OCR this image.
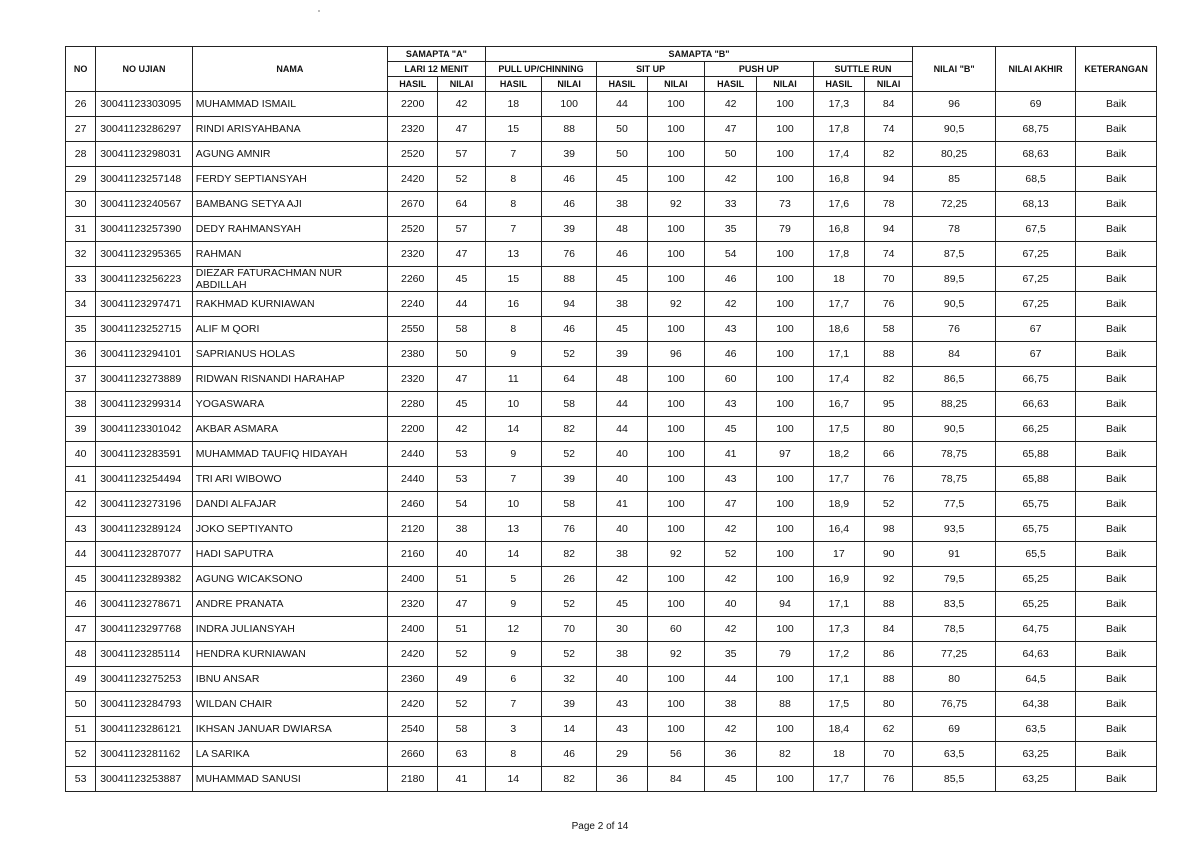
NO	NO UJIAN	NAMA	SAMAPTA "A"		SAMAPTA "B"								NILAI "B"	NILAI AKHIR	KETERANGAN
			LARI 12 MENIT		PULL UP/CHINNING		SIT UP		PUSH UP		SUTTLE RUN				
			HASIL	NILAI	HASIL	NILAI	HASIL	NILAI	HASIL	NILAI	HASIL	NILAI			
26	30041123303095	MUHAMMAD ISMAIL	2200	42	18	100	44	100	42	100	17,3	84	96	69	Baik
27	30041123286297	RINDI ARISYAHBANA	2320	47	15	88	50	100	47	100	17,8	74	90,5	68,75	Baik
28	30041123298031	AGUNG AMNIR	2520	57	7	39	50	100	50	100	17,4	82	80,25	68,63	Baik
29	30041123257148	FERDY SEPTIANSYAH	2420	52	8	46	45	100	42	100	16,8	94	85	68,5	Baik
30	30041123240567	BAMBANG SETYA AJI	2670	64	8	46	38	92	33	73	17,6	78	72,25	68,13	Baik
31	30041123257390	DEDY RAHMANSYAH	2520	57	7	39	48	100	35	79	16,8	94	78	67,5	Baik
32	30041123295365	RAHMAN	2320	47	13	76	46	100	54	100	17,8	74	87,5	67,25	Baik
33	30041123256223	DIEZAR FATURACHMAN NUR ABDILLAH	2260	45	15	88	45	100	46	100	18	70	89,5	67,25	Baik
34	30041123297471	RAKHMAD KURNIAWAN	2240	44	16	94	38	92	42	100	17,7	76	90,5	67,25	Baik
35	30041123252715	ALIF M QORI	2550	58	8	46	45	100	43	100	18,6	58	76	67	Baik
36	30041123294101	SAPRIANUS HOLAS	2380	50	9	52	39	96	46	100	17,1	88	84	67	Baik
37	30041123273889	RIDWAN RISNANDI HARAHAP	2320	47	11	64	48	100	60	100	17,4	82	86,5	66,75	Baik
38	30041123299314	YOGASWARA	2280	45	10	58	44	100	43	100	16,7	95	88,25	66,63	Baik
39	30041123301042	AKBAR ASMARA	2200	42	14	82	44	100	45	100	17,5	80	90,5	66,25	Baik
40	30041123283591	MUHAMMAD TAUFIQ HIDAYAH	2440	53	9	52	40	100	41	97	18,2	66	78,75	65,88	Baik
41	30041123254494	TRI ARI WIBOWO	2440	53	7	39	40	100	43	100	17,7	76	78,75	65,88	Baik
42	30041123273196	DANDI ALFAJAR	2460	54	10	58	41	100	47	100	18,9	52	77,5	65,75	Baik
43	30041123289124	JOKO SEPTIYANTO	2120	38	13	76	40	100	42	100	16,4	98	93,5	65,75	Baik
44	30041123287077	HADI SAPUTRA	2160	40	14	82	38	92	52	100	17	90	91	65,5	Baik
45	30041123289382	AGUNG WICAKSONO	2400	51	5	26	42	100	42	100	16,9	92	79,5	65,25	Baik
46	30041123278671	ANDRE PRANATA	2320	47	9	52	45	100	40	94	17,1	88	83,5	65,25	Baik
47	30041123297768	INDRA JULIANSYAH	2400	51	12	70	30	60	42	100	17,3	84	78,5	64,75	Baik
48	30041123285114	HENDRA KURNIAWAN	2420	52	9	52	38	92	35	79	17,2	86	77,25	64,63	Baik
49	30041123275253	IBNU ANSAR	2360	49	6	32	40	100	44	100	17,1	88	80	64,5	Baik
50	30041123284793	WILDAN CHAIR	2420	52	7	39	43	100	38	88	17,5	80	76,75	64,38	Baik
51	30041123286121	IKHSAN JANUAR DWIARSA	2540	58	3	14	43	100	42	100	18,4	62	69	63,5	Baik
52	30041123281162	LA SARIKA	2660	63	8	46	29	56	36	82	18	70	63,5	63,25	Baik
53	30041123253887	MUHAMMAD SANUSI	2180	41	14	82	36	84	45	100	17,7	76	85,5	63,25	Baik
Page 2 of 14
